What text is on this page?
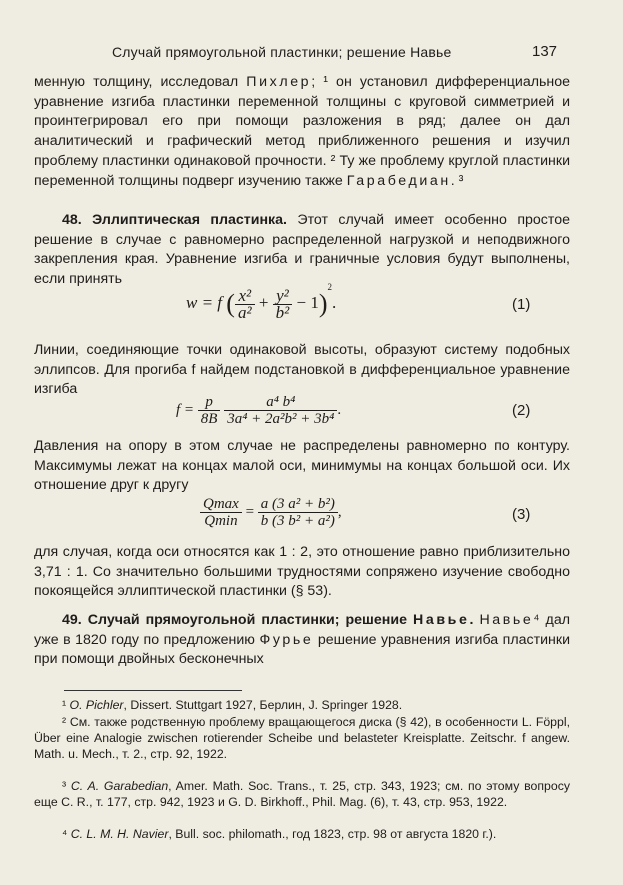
Случай прямоугольной пластинки; решение Навье	137

менную толщину, исследовал Пихлер; ¹ он установил дифференциальное уравнение изгиба пластинки переменной толщины с круговой симметрией и проинтегрировал его при помощи разложения в ряд; далее он дал аналитический и графический метод приближенного решения и изучил проблему пластинки одинаковой прочности. ² Ту же проблему круглой пластинки переменной толщины подверг изучению также Гарабедиан. ³

48. Эллиптическая пластинка. Этот случай имеет особенно простое решение в случае с равномерно распределенной нагрузкой и неподвижного закрепления края. Уравнение изгиба и граничные условия будут выполнены, если принять

w = f ( $\frac{\text{x²}}{\text{a²}} + \frac{\text{y²}}{\text{b²}} - 1)^2$.	(1)

Линии, соединяющие точки одинаковой высоты, образуют систему подобных эллипсов. Для прогиба f найдем подстановкой в дифференциальное уравнение изгиба

$f = \frac{p}{8B}$
$\frac{\text{a⁴ b⁴}}{\text{3a⁴ + 2a²b² + 3b⁴}}$ .	(2)

Давления на опору в этом случае не распределены равномерно по контуру. Максимумы лежат на концах малой оси, минимумы на концах большой оси. Их отношение друг к другу

$\frac{Qmax}{Qmin} = \frac{\text{a (3 a² + b²)}}{\text{b (3 b² + a²)}}$ ,	(3)

для случая, когда оси относятся как 1 : 2, это отношение равно приблизительно 3,71 : 1. Со значительно большими трудностями сопряжено изучение свободно покоящейся эллиптической пластинки (§ 53).

49. Случай прямоугольной пластинки; решение Навье. Навье⁴ дал уже в 1820 году по предложению Фурье решение уравнения изгиба пластинки при помощи двойных бесконечных

¹ O. Pichler, Dissert. Stuttgart 1927, Берлин, J. Springer 1928.

² См. также родственную проблему вращающегося диска (§ 42), в особенности L. Föppl, Über eine Analogie zwischen rotierender Scheibe und belasteter Kreisplatte. Zeitschr. f angew. Math. u. Mech., т. 2., стр. 92, 1922.

³ C. A. Garabedian, Amer. Math. Soc. Trans., т. 25, стр. 343, 1923; см. по этому вопросу еще C. R., т. 177, стр. 942, 1923 и G. D. Birkhoff., Phil. Mag. (6), т. 43, стр. 953, 1922.

⁴ C. L. M. H. Navier, Bull. soc. philomath., год 1823, стр. 98 от августа 1820 г.).
